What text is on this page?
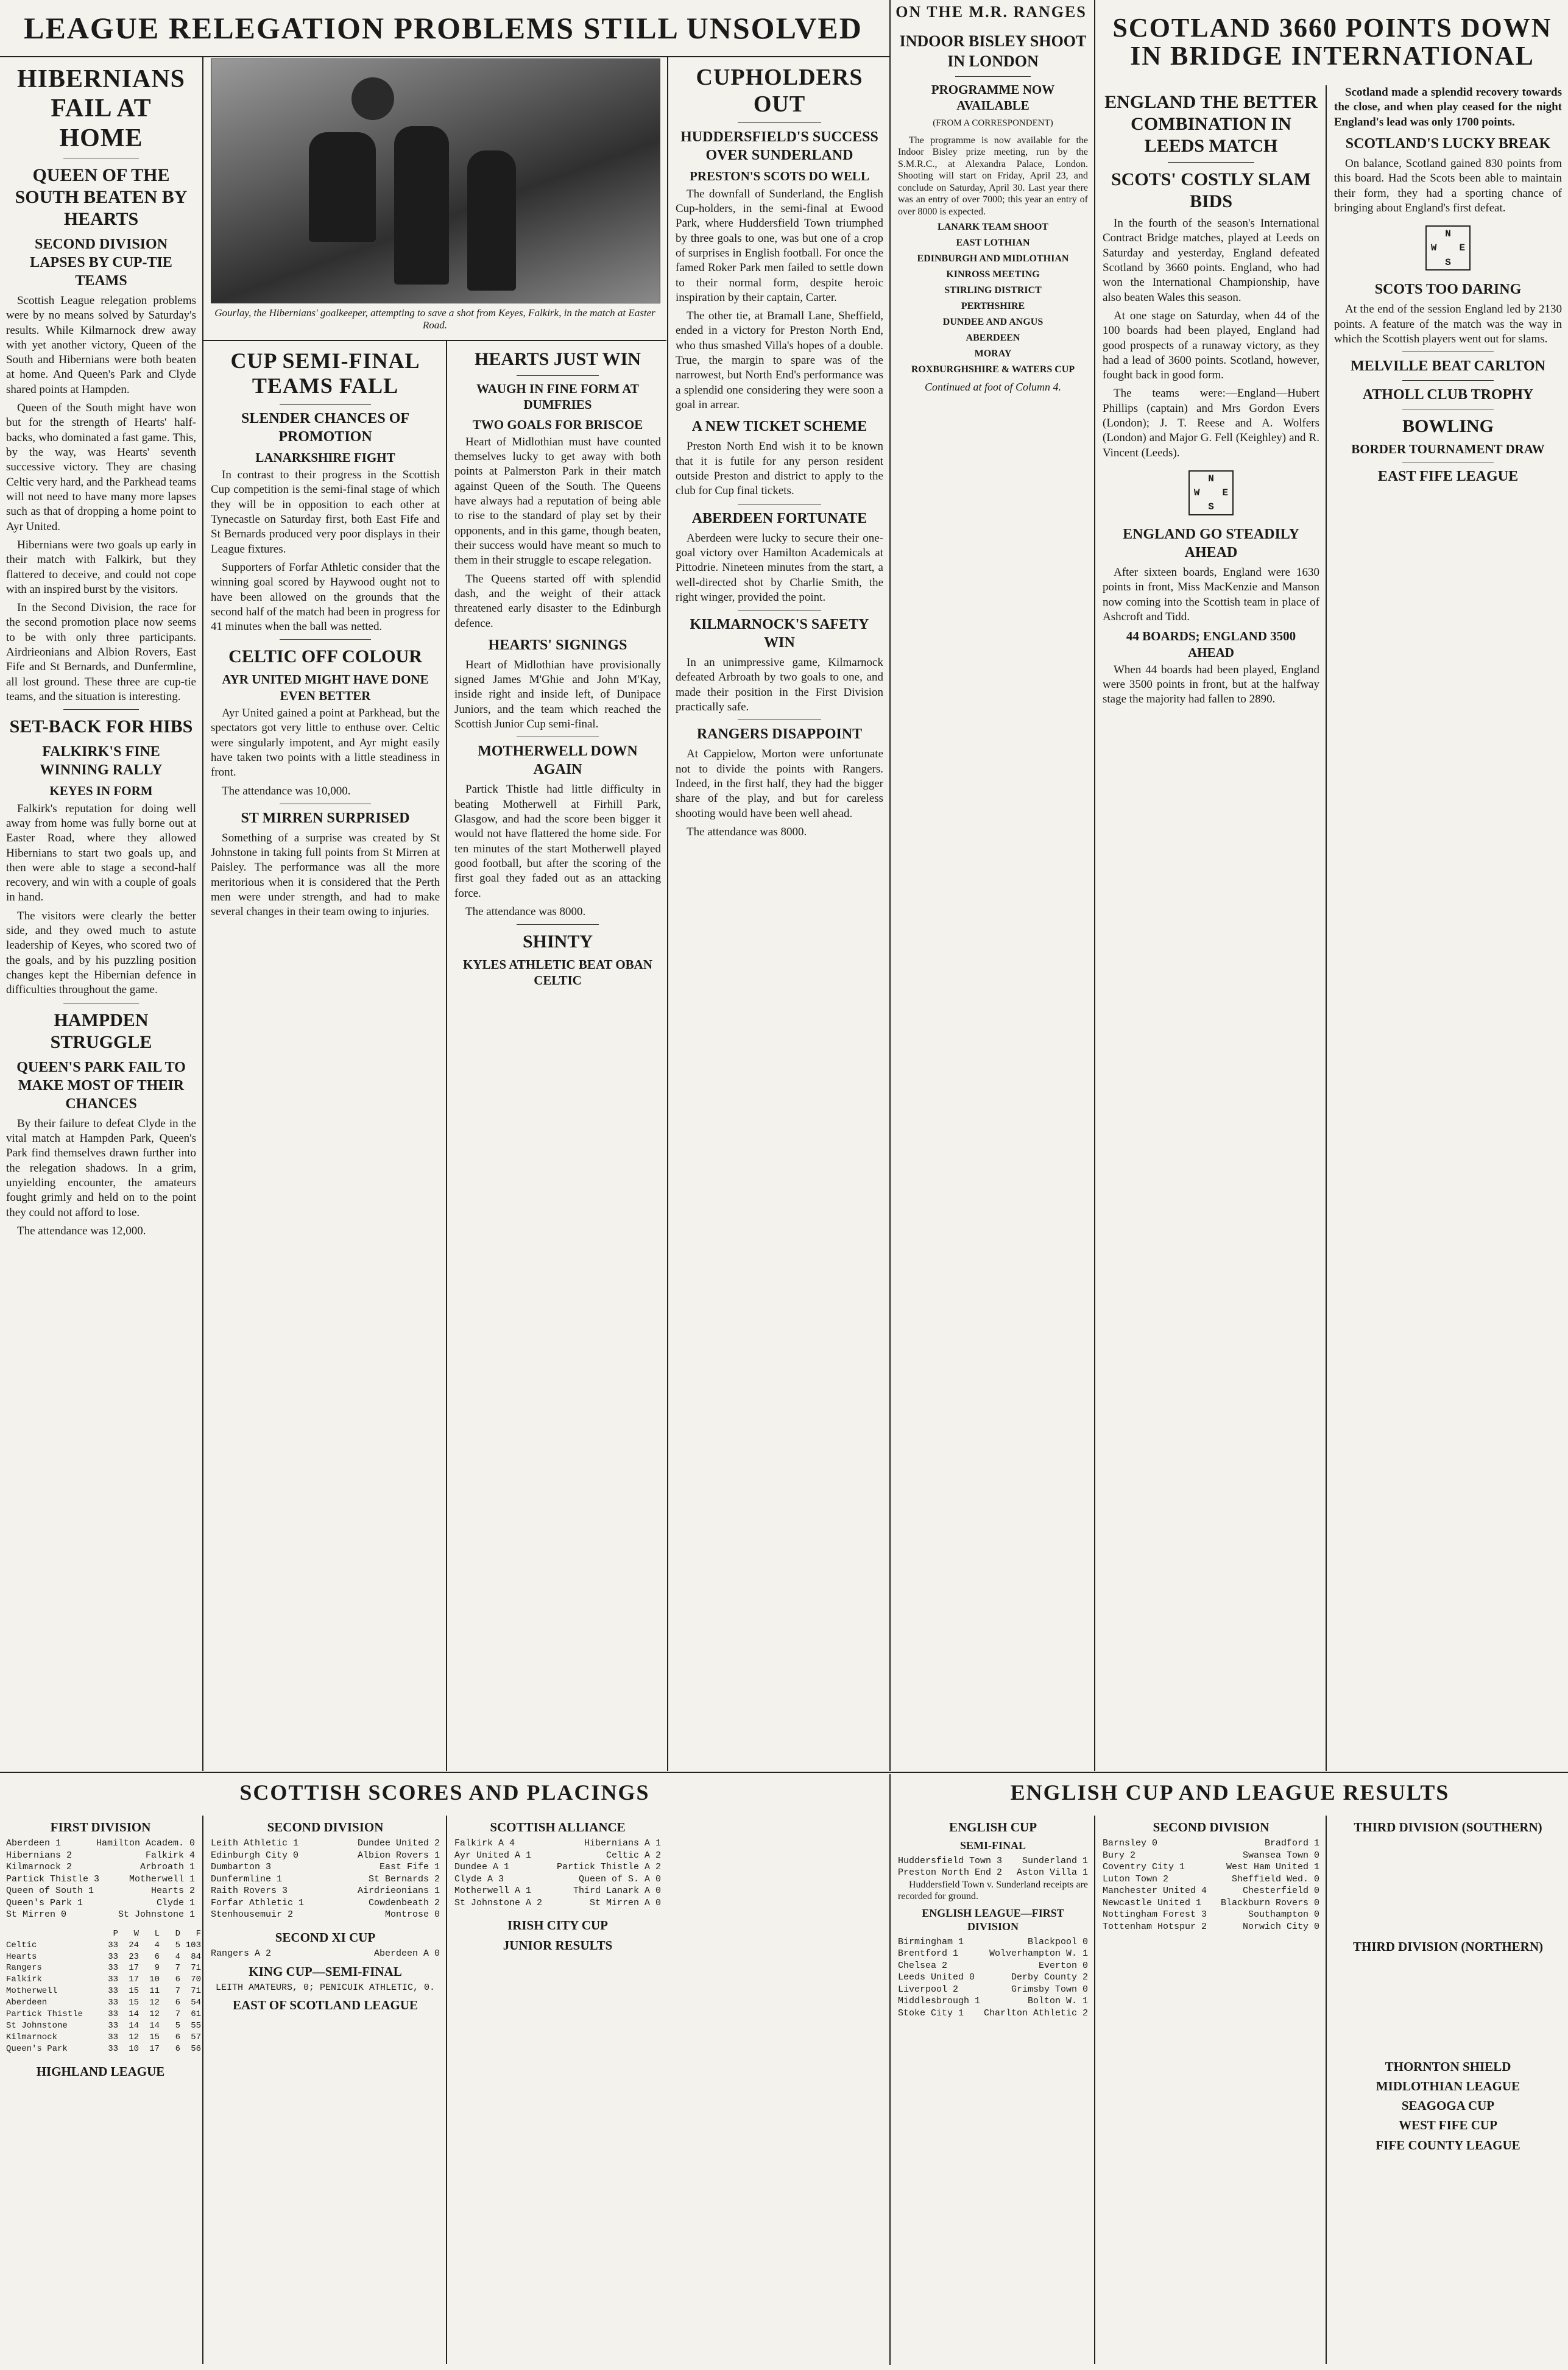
LEAGUE RELEGATION PROBLEMS STILL UNSOLVED	ON THE M.R. RANGES
SCOTLAND 3660 POINTS DOWN IN BRIDGE INTERNATIONAL
HIBERNIANS FAIL AT HOME
QUEEN OF THE SOUTH BEATEN BY HEARTS
SECOND DIVISION LAPSES BY CUP-TIE TEAMS

Scottish League relegation problems were by no means solved by Saturday's results. While Kilmarnock drew away with yet another victory, Queen of the South and Hibernians were both beaten at home. And Queen's Park and Clyde shared points at Hampden.

Queen of the South might have won but for the strength of Hearts' half-backs, who dominated a fast game. This, by the way, was Hearts' seventh successive victory. They are chasing Celtic very hard, and the Parkhead teams will not need to have many more lapses such as that of dropping a home point to Ayr United.

Hibernians were two goals up early in their match with Falkirk, but they flattered to deceive, and could not cope with an inspired burst by the visitors.

In the Second Division, the race for the second promotion place now seems to be with only three participants. Airdrieonians and Albion Rovers, East Fife and St Bernards, and Dunfermline, all lost ground. These three are cup-tie teams, and the situation is interesting.

SET-BACK FOR HIBS
FALKIRK'S FINE WINNING RALLY
KEYES IN FORM

Falkirk's reputation for doing well away from home was fully borne out at Easter Road, where they allowed Hibernians to start two goals up, and then were able to stage a second-half recovery, and win with a couple of goals in hand.

The visitors were clearly the better side, and they owed much to astute leadership of Keyes, who scored two of the goals, and by his puzzling position changes kept the Hibernian defence in difficulties throughout the game.

HAMPDEN STRUGGLE
QUEEN'S PARK FAIL TO MAKE MOST OF THEIR CHANCES

By their failure to defeat Clyde in the vital match at Hampden Park, Queen's Park find themselves drawn further into the relegation shadows. In a grim, unyielding encounter, the amateurs fought grimly and held on to the point they could not afford to lose.

The attendance was 12,000.

Gourlay, the Hibernians' goalkeeper, attempting to save a shot from Keyes, Falkirk, in the match at Easter Road.
CUP SEMI-FINAL TEAMS FALL
SLENDER CHANCES OF PROMOTION
LANARKSHIRE FIGHT

In contrast to their progress in the Scottish Cup competition is the semi-final stage of which they will be in opposition to each other at Tynecastle on Saturday first, both East Fife and St Bernards produced very poor displays in their League fixtures.

Supporters of Forfar Athletic consider that the winning goal scored by Haywood ought not to have been allowed on the grounds that the second half of the match had been in progress for 41 minutes when the ball was netted.

CELTIC OFF COLOUR
AYR UNITED MIGHT HAVE DONE EVEN BETTER

Ayr United gained a point at Parkhead, but the spectators got very little to enthuse over. Celtic were singularly impotent, and Ayr might easily have taken two points with a little steadiness in front.

The attendance was 10,000.

ST MIRREN SURPRISED

Something of a surprise was created by St Johnstone in taking full points from St Mirren at Paisley. The performance was all the more meritorious when it is considered that the Perth men were under strength, and had to make several changes in their team owing to injuries.

HEARTS JUST WIN
WAUGH IN FINE FORM AT DUMFRIES
TWO GOALS FOR BRISCOE

Heart of Midlothian must have counted themselves lucky to get away with both points at Palmerston Park in their match against Queen of the South. The Queens have always had a reputation of being able to rise to the standard of play set by their opponents, and in this game, though beaten, their success would have meant so much to them in their struggle to escape relegation.

The Queens started off with splendid dash, and the weight of their attack threatened early disaster to the Edinburgh defence.

HEARTS' SIGNINGS

Heart of Midlothian have provisionally signed James M'Ghie and John M'Kay, inside right and inside left, of Dunipace Juniors, and the team which reached the Scottish Junior Cup semi-final.

MOTHERWELL DOWN AGAIN

Partick Thistle had little difficulty in beating Motherwell at Firhill Park, Glasgow, and had the score been bigger it would not have flattered the home side. For ten minutes of the start Motherwell played good football, but after the scoring of the first goal they faded out as an attacking force.

The attendance was 8000.

SHINTY
KYLES ATHLETIC BEAT OBAN CELTIC
CUPHOLDERS OUT
HUDDERSFIELD'S SUCCESS OVER SUNDERLAND
PRESTON'S SCOTS DO WELL

The downfall of Sunderland, the English Cup-holders, in the semi-final at Ewood Park, where Huddersfield Town triumphed by three goals to one, was but one of a crop of surprises in English football. For once the famed Roker Park men failed to settle down to their normal form, despite heroic inspiration by their captain, Carter.

The other tie, at Bramall Lane, Sheffield, ended in a victory for Preston North End, who thus smashed Villa's hopes of a double. True, the margin to spare was of the narrowest, but North End's performance was a splendid one considering they were soon a goal in arrear.

A NEW TICKET SCHEME

Preston North End wish it to be known that it is futile for any person resident outside Preston and district to apply to the club for Cup final tickets.

ABERDEEN FORTUNATE

Aberdeen were lucky to secure their one-goal victory over Hamilton Academicals at Pittodrie. Nineteen minutes from the start, a well-directed shot by Charlie Smith, the right winger, provided the point.

KILMARNOCK'S SAFETY WIN

In an unimpressive game, Kilmarnock defeated Arbroath by two goals to one, and made their position in the First Division practically safe.

RANGERS DISAPPOINT

At Cappielow, Morton were unfortunate not to divide the points with Rangers. Indeed, in the first half, they had the bigger share of the play, and but for careless shooting would have been well ahead.

The attendance was 8000.

INDOOR BISLEY SHOOT IN LONDON
PROGRAMME NOW AVAILABLE
(FROM A CORRESPONDENT)

The programme is now available for the Indoor Bisley prize meeting, run by the S.M.R.C., at Alexandra Palace, London. Shooting will start on Friday, April 23, and conclude on Saturday, April 30. Last year there was an entry of over 7000; this year an entry of over 8000 is expected.

LANARK TEAM SHOOT
EAST LOTHIAN
EDINBURGH AND MIDLOTHIAN
KINROSS MEETING
STIRLING DISTRICT
PERTHSHIRE
DUNDEE AND ANGUS
ABERDEEN
MORAY
ROXBURGHSHIRE & WATERS CUP
Continued at foot of Column 4.
ENGLAND THE BETTER COMBINATION IN LEEDS MATCH
SCOTS' COSTLY SLAM BIDS

In the fourth of the season's International Contract Bridge matches, played at Leeds on Saturday and yesterday, England defeated Scotland by 3660 points. England, who had won the International Championship, have also beaten Wales this season.

At one stage on Saturday, when 44 of the 100 boards had been played, England had good prospects of a runaway victory, as they had a lead of 3600 points. Scotland, however, fought back in good form.

The teams were:—England—Hubert Phillips (captain) and Mrs Gordon Evers (London); J. T. Reese and A. Wolfers (London) and Major G. Fell (Keighley) and R. Vincent (Leeds).

N
W	E
S
ENGLAND GO STEADILY AHEAD

After sixteen boards, England were 1630 points in front, Miss MacKenzie and Manson now coming into the Scottish team in place of Ashcroft and Tidd.

44 BOARDS; ENGLAND 3500 AHEAD

When 44 boards had been played, England were 3500 points in front, but at the halfway stage the majority had fallen to 2890.

Scotland made a splendid recovery towards the close, and when play ceased for the night England's lead was only 1700 points.

SCOTLAND'S LUCKY BREAK

On balance, Scotland gained 830 points from this board. Had the Scots been able to maintain their form, they had a sporting chance of bringing about England's first defeat.

N
W	E
S
SCOTS TOO DARING

At the end of the session England led by 2130 points. A feature of the match was the way in which the Scottish players went out for slams.

MELVILLE BEAT CARLTON
ATHOLL CLUB TROPHY
BOWLING
BORDER TOURNAMENT DRAW
EAST FIFE LEAGUE
SCOTTISH SCORES AND PLACINGS	ENGLISH CUP AND LEAGUE RESULTS
FIRST DIVISION
Aberdeen 1	Hamilton Academ. 0
Hibernians 2	Falkirk 4
Kilmarnock 2	Arbroath 1
Partick Thistle 3	Motherwell 1
Queen of South 1	Hearts 2
Queen's Park 1	Clyde 1
St Mirren 0	St Johnstone 1
P	W	L	D	F
Celtic	33	24	4	5 103
Hearts	33	23	6	4	84
Rangers	33	17	9	7	71
Falkirk	33	17	10	6	70
Motherwell	33	15	11	7	71
Aberdeen	33	15	12	6	54
Partick Thistle	33	14	12	7	61
St Johnstone	33	14	14	5	55
Kilmarnock	33	12	15	6	57
Queen's Park	33	10	17	6	56
HIGHLAND LEAGUE
SECOND DIVISION
Leith Athletic 1	Dundee United 2
Edinburgh City 0	Albion Rovers 1
Dumbarton 3	East Fife 1
Dunfermline 1	St Bernards 2
Raith Rovers 3	Airdrieonians 1
Forfar Athletic 1	Cowdenbeath 2
Stenhousemuir 2	Montrose 0
SECOND XI CUP
Rangers A 2	Aberdeen A 0
KING CUP—SEMI-FINAL
LEITH AMATEURS, 0; PENICUIK ATHLETIC, 0.
EAST OF SCOTLAND LEAGUE
SCOTTISH ALLIANCE
Falkirk A 4	Hibernians A 1
Ayr United A 1	Celtic A 2
Dundee A 1	Partick Thistle A 2
Clyde A 3	Queen of S. A 0
Motherwell A 1	Third Lanark A 0
St Johnstone A 2	St Mirren A 0
IRISH CITY CUP
JUNIOR RESULTS
ENGLISH CUP
SEMI-FINAL
Huddersfield Town 3 Sunderland 1
Preston North End 2 Aston Villa 1

Huddersfield Town v. Sunderland receipts are recorded for ground.

ENGLISH LEAGUE—FIRST DIVISION
Birmingham 1	Blackpool 0
Brentford 1	Wolverhampton W. 1
Chelsea 2	Everton 0
Leeds United 0	Derby County 2
Liverpool 2	Grimsby Town 0
Middlesbrough 1	Bolton W. 1
Stoke City 1 Charlton Athletic 2
SECOND DIVISION
Barnsley 0	Bradford 1
Bury 2	Swansea Town 0
Coventry City 1	West Ham United 1
Luton Town 2	Sheffield Wed. 0
Manchester United 4	Chesterfield 0
Newcastle United 1 Blackburn Rovers 0
Nottingham Forest 3	Southampton 0
Tottenham Hotspur 2	Norwich City 0
THIRD DIVISION (SOUTHERN)
THIRD DIVISION (NORTHERN)
THORNTON SHIELD
MIDLOTHIAN LEAGUE
SEAGOGA CUP
WEST FIFE CUP
FIFE COUNTY LEAGUE
